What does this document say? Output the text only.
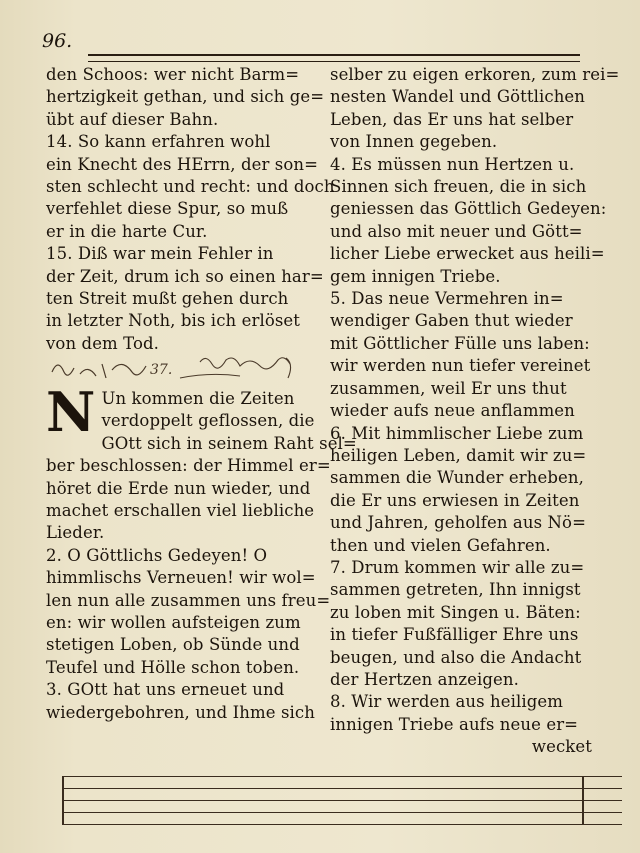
96.
den Schoos: wer nicht Barm=
hertzigkeit gethan, und sich ge=
übt auf dieser Bahn.
14. So kann erfahren wohl
ein Knecht des HErrn, der son=
sten schlecht und recht: und doch
verfehlet diese Spur, so muß
er in die harte Cur.
15. Diß war mein Fehler in
der Zeit, drum ich so einen har=
ten Streit mußt gehen durch
in letzter Noth, bis ich erlöset
von dem Tod.
37.
N Un kommen die Zeiten
verdoppelt geflossen, die
GOtt sich in seinem Raht sel=
ber beschlossen: der Himmel er=
höret die Erde nun wieder, und
machet erschallen viel liebliche
Lieder.
2. O Göttlichs Gedeyen! O
himmlischs Verneuen! wir wol=
len nun alle zusammen uns freu=
en: wir wollen aufsteigen zum
stetigen Loben, ob Sünde und
Teufel und Hölle schon toben.
3. GOtt hat uns erneuet und
wiedergebohren, und Ihme sich
selber zu eigen erkoren, zum rei=
nesten Wandel und Göttlichen
Leben, das Er uns hat selber
von Innen gegeben.
4. Es müssen nun Hertzen u.
Sinnen sich freuen, die in sich
geniessen das Göttlich Gedeyen:
und also mit neuer und Gött=
licher Liebe erwecket aus heili=
gem innigen Triebe.
5. Das neue Vermehren in=
wendiger Gaben thut wieder
mit Göttlicher Fülle uns laben:
wir werden nun tiefer vereinet
zusammen, weil Er uns thut
wieder aufs neue anflammen
6. Mit himmlischer Liebe zum
heiligen Leben, damit wir zu=
sammen die Wunder erheben,
die Er uns erwiesen in Zeiten
und Jahren, geholfen aus Nö=
then und vielen Gefahren.
7. Drum kommen wir alle zu=
sammen getreten, Ihn innigst
zu loben mit Singen u. Bäten:
in tiefer Fußfälliger Ehre uns
beugen, und also die Andacht
der Hertzen anzeigen.
8. Wir werden aus heiligem
innigen Triebe aufs neue er=
wecket
